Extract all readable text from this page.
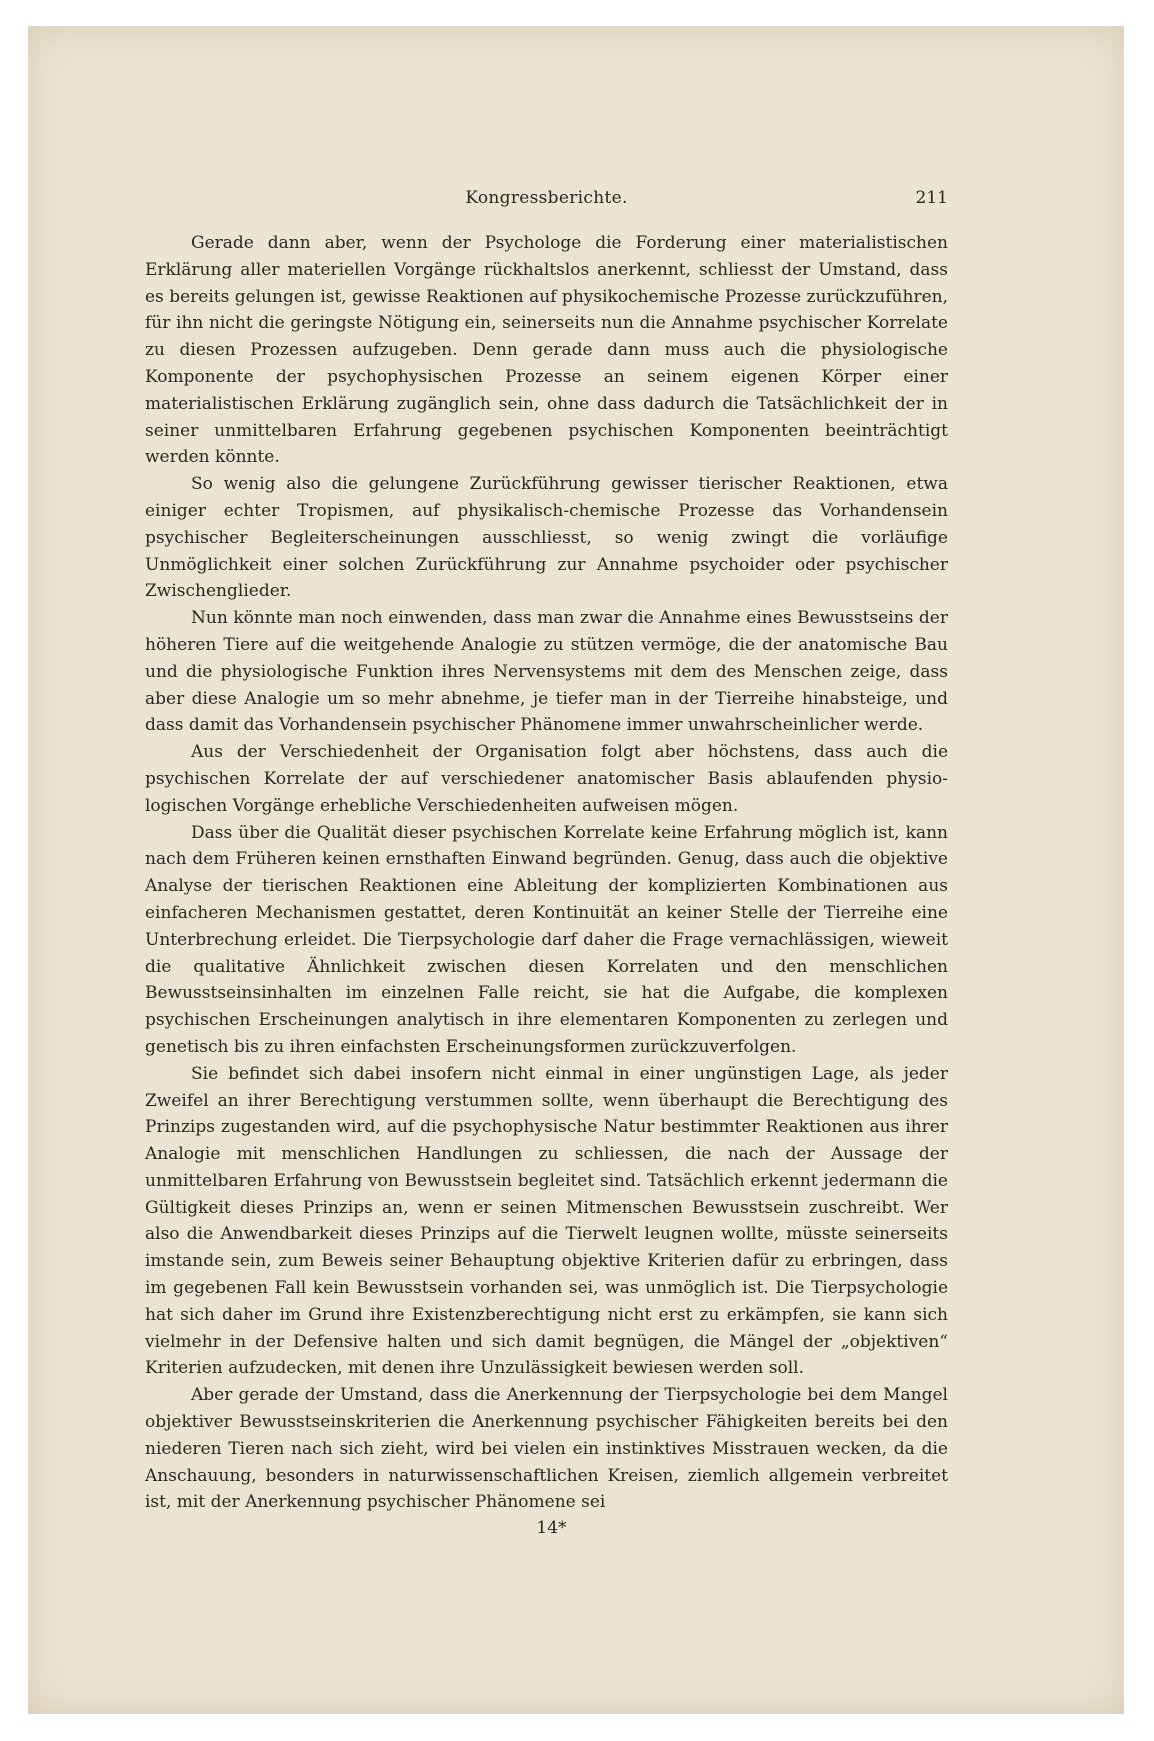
Kongressberichte.	211

Gerade dann aber, wenn der Psychologe die Forderung einer materialistischen Erklärung aller materiellen Vorgänge rückhaltslos anerkennt, schliesst der Umstand, dass es bereits gelungen ist, gewisse Reaktionen auf physikochemische Prozesse zurückzuführen, für ihn nicht die geringste Nötigung ein, seinerseits nun die Annahme psychischer Korrelate zu diesen Prozessen aufzugeben. Denn gerade dann muss auch die physiologische Komponente der psychophysischen Prozesse an seinem eigenen Körper einer materialistischen Erklärung zugänglich sein, ohne dass dadurch die Tatsächlichkeit der in seiner unmittelbaren Erfahrung gegebenen psychischen Komponenten beeinträchtigt werden könnte.

So wenig also die gelungene Zurückführung gewisser tierischer Reaktionen, etwa einiger echter Tropismen, auf physikalisch-chemische Prozesse das Vorhandensein psychischer Begleiterscheinungen ausschliesst, so wenig zwingt die vorläufige Unmöglichkeit einer solchen Zurückführung zur Annahme psychoider oder psychischer Zwischenglieder.

Nun könnte man noch einwenden, dass man zwar die Annahme eines Bewusstseins der höheren Tiere auf die weitgehende Analogie zu stützen vermöge, die der anatomische Bau und die physiologische Funktion ihres Nervensystems mit dem des Menschen zeige, dass aber diese Analogie um so mehr abnehme, je tiefer man in der Tierreihe hinabsteige, und dass damit das Vorhandensein psychischer Phänomene immer unwahrscheinlicher werde.

Aus der Verschiedenheit der Organisation folgt aber höchstens, dass auch die psychischen Korrelate der auf verschiedener anatomischer Basis ablaufenden physiologischen Vorgänge erhebliche Verschiedenheiten aufweisen mögen.

Dass über die Qualität dieser psychischen Korrelate keine Erfahrung möglich ist, kann nach dem Früheren keinen ernsthaften Einwand begründen. Genug, dass auch die objektive Analyse der tierischen Reaktionen eine Ableitung der komplizierten Kombinationen aus einfacheren Mechanismen gestattet, deren Kontinuität an keiner Stelle der Tierreihe eine Unterbrechung erleidet. Die Tierpsychologie darf daher die Frage vernachlässigen, wieweit die qualitative Ähnlichkeit zwischen diesen Korrelaten und den menschlichen Bewusstseinsinhalten im einzelnen Falle reicht, sie hat die Aufgabe, die komplexen psychischen Erscheinungen analytisch in ihre elementaren Komponenten zu zerlegen und genetisch bis zu ihren einfachsten Erscheinungsformen zurückzuverfolgen.

Sie befindet sich dabei insofern nicht einmal in einer ungünstigen Lage, als jeder Zweifel an ihrer Berechtigung verstummen sollte, wenn überhaupt die Berechtigung des Prinzips zugestanden wird, auf die psychophysische Natur bestimmter Reaktionen aus ihrer Analogie mit menschlichen Handlungen zu schliessen, die nach der Aussage der unmittelbaren Erfahrung von Bewusstsein begleitet sind. Tatsächlich erkennt jedermann die Gültigkeit dieses Prinzips an, wenn er seinen Mitmenschen Bewusstsein zuschreibt. Wer also die Anwendbarkeit dieses Prinzips auf die Tierwelt leugnen wollte, müsste seinerseits imstande sein, zum Beweis seiner Behauptung objektive Kriterien dafür zu erbringen, dass im gegebenen Fall kein Bewusstsein vorhanden sei, was unmöglich ist. Die Tierpsychologie hat sich daher im Grund ihre Existenzberechtigung nicht erst zu erkämpfen, sie kann sich vielmehr in der Defensive halten und sich damit begnügen, die Mängel der „objektiven“ Kriterien aufzudecken, mit denen ihre Unzulässigkeit bewiesen werden soll.

Aber gerade der Umstand, dass die Anerkennung der Tierpsychologie bei dem Mangel objektiver Bewusstseinskriterien die Anerkennung psychischer Fähigkeiten bereits bei den niederen Tieren nach sich zieht, wird bei vielen ein instinktives Misstrauen wecken, da die Anschauung, besonders in naturwissenschaftlichen Kreisen, ziemlich allgemein verbreitet ist, mit der Anerkennung psychischer Phänomene sei

14*
